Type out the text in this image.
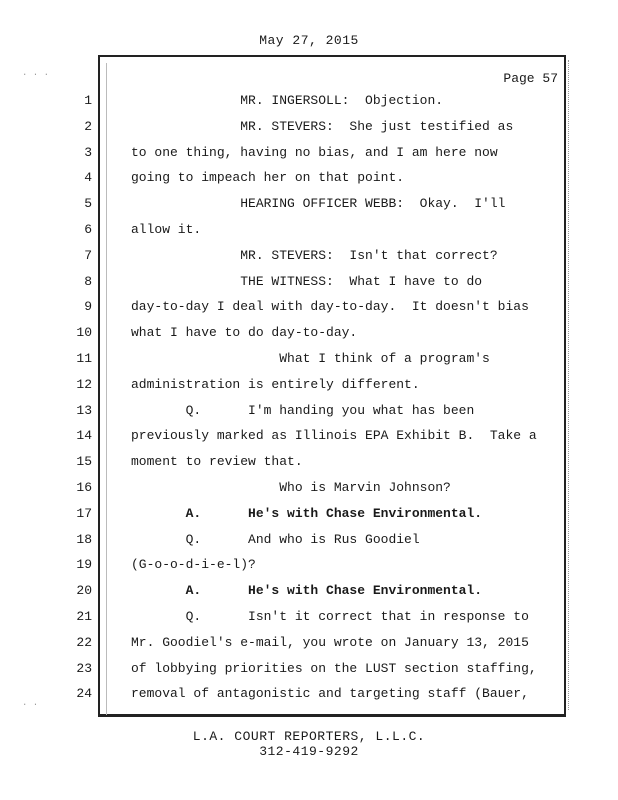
May 27, 2015
· · ·
· ·
Page 57
1
2
3
4
5
6
7
8
9
10
11
12
13
14
15
16
17
18
19
20
21
22
23
24
MR. INGERSOLL:  Objection.
MR. STEVERS:  She just testified as
to one thing, having no bias, and I am here now
going to impeach her on that point.
HEARING OFFICER WEBB:  Okay.  I'll
allow it.
MR. STEVERS:  Isn't that correct?
THE WITNESS:  What I have to do
day-to-day I deal with day-to-day.  It doesn't bias
what I have to do day-to-day.
What I think of a program's
administration is entirely different.
Q.      I'm handing you what has been
previously marked as Illinois EPA Exhibit B.  Take a
moment to review that.
Who is Marvin Johnson?
A.      He's with Chase Environmental.
Q.      And who is Rus Goodiel
(G-o-o-d-i-e-l)?
A.      He's with Chase Environmental.
Q.      Isn't it correct that in response to
Mr. Goodiel's e-mail, you wrote on January 13, 2015
of lobbying priorities on the LUST section staffing,
removal of antagonistic and targeting staff (Bauer,
L.A. COURT REPORTERS, L.L.C.
312-419-9292
